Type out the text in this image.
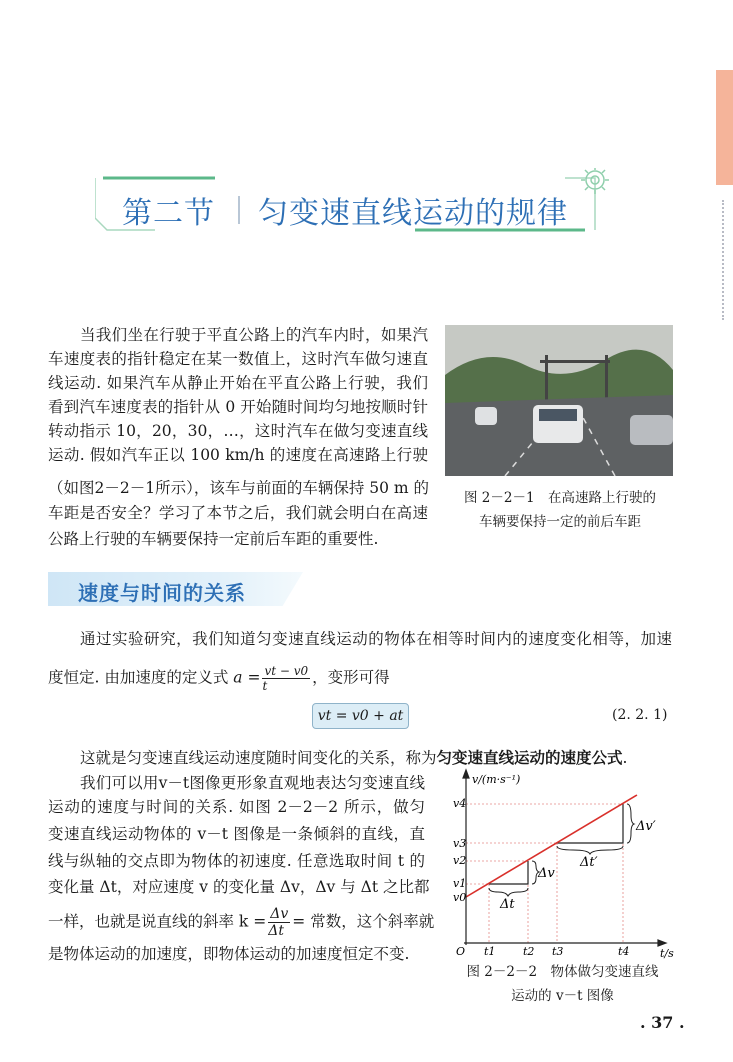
第二节 匀变速直线运动的规律
当我们坐在行驶于平直公路上的汽车内时，如果汽
车速度表的指针稳定在某一数值上，这时汽车做匀速直
线运动. 如果汽车从静止开始在平直公路上行驶，我们
看到汽车速度表的指针从 0 开始随时间均匀地按顺时针
转动指示 10，20，30，…，这时汽车在做匀变速直线
运动. 假如汽车正以 100 km/h 的速度在高速路上行驶
（如图2－2－1所示），该车与前面的车辆保持 50 m 的
车距是否安全？学习了本节之后，我们就会明白在高速
公路上行驶的车辆要保持一定前后车距的重要性.
图 2－2－1　在高速路上行驶的
车辆要保持一定的前后车距
速度与时间的关系
通过实验研究，我们知道匀变速直线运动的物体在相等时间内的速度变化相等，加速
度恒定. 由加速度的定义式 $a = \frac{vt - v0}{t}$ ，变形可得
vt = v0 + at	(2. 2. 1)
这就是匀变速直线运动速度随时间变化的关系，称为匀变速直线运动的速度公式.
我们可以用v－t图像更形象直观地表达匀变速直线
运动的速度与时间的关系. 如图 2－2－2 所示，做匀
变速直线运动物体的 v－t 图像是一条倾斜的直线，直
线与纵轴的交点即为物体的初速度. 任意选取时间 t 的
变化量 Δt，对应速度 v 的变化量 Δv，Δv 与 Δt 之比都
一样，也就是说直线的斜率 $k = \frac{\Delta v}{\Delta t}$ = 常数，这个斜率就
是物体运动的加速度，即物体运动的加速度恒定不变.
v/(m·s⁻¹)
t/s
O
v4
v3
v2
v1
v0
t1	t2 t3	t4
Δt
Δv
Δt′
Δv′
图 2－2－2　物体做匀变速直线
运动的 v－t 图像
. 37 .
